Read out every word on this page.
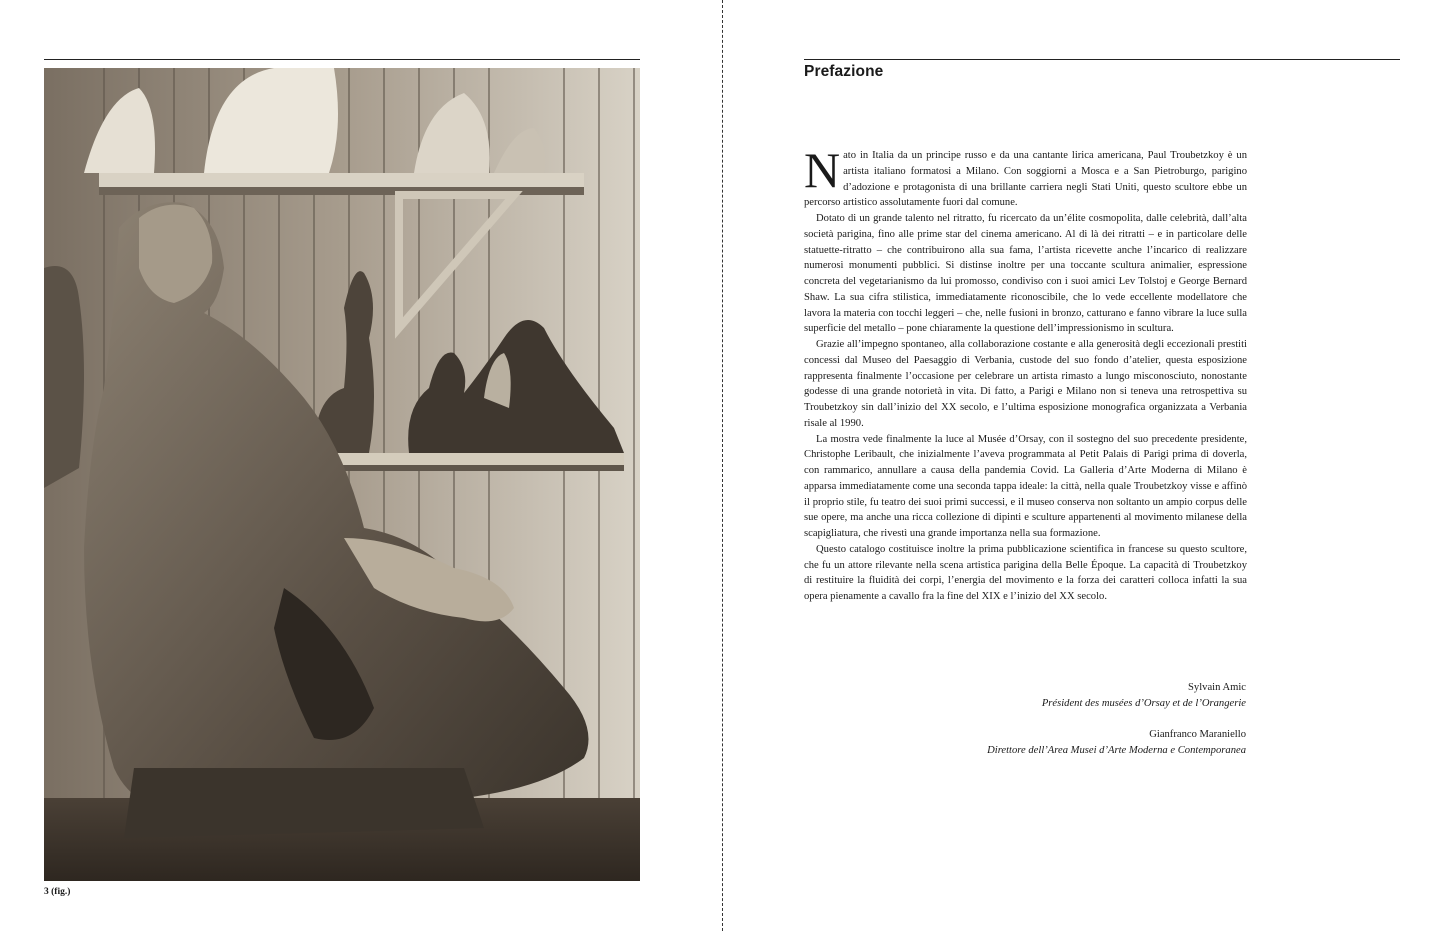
3 (fig.)
Prefazione

Nato in Italia da un principe russo e da una cantante lirica americana, Paul Troubetzkoy è un artista italiano formatosi a Milano. Con soggiorni a Mosca e a San Pietroburgo, parigino d’adozione e protagonista di una brillante carriera negli Stati Uniti, questo scultore ebbe un percorso artistico assolutamente fuori dal comune.

Dotato di un grande talento nel ritratto, fu ricercato da un’élite cosmopolita, dalle celebrità, dall’alta società parigina, fino alle prime star del cinema americano. Al di là dei ritratti – e in particolare delle statuette-ritratto – che contribuirono alla sua fama, l’artista ricevette anche l’incarico di realizzare numerosi monumenti pubblici. Si distinse inoltre per una toccante scultura animalier, espressione concreta del vegetarianismo da lui promosso, condiviso con i suoi amici Lev Tolstoj e George Bernard Shaw. La sua cifra stilistica, immediatamente riconoscibile, che lo vede eccellente modellatore che lavora la materia con tocchi leggeri – che, nelle fusioni in bronzo, catturano e fanno vibrare la luce sulla superficie del metallo – pone chiaramente la questione dell’impressionismo in scultura.

Grazie all’impegno spontaneo, alla collaborazione costante e alla generosità degli eccezionali prestiti concessi dal Museo del Paesaggio di Verbania, custode del suo fondo d’atelier, questa esposizione rappresenta finalmente l’occasione per celebrare un artista rimasto a lungo misconosciuto, nonostante godesse di una grande notorietà in vita. Di fatto, a Parigi e Milano non si teneva una retrospettiva su Troubetzkoy sin dall’inizio del XX secolo, e l’ultima esposizione monografica organizzata a Verbania risale al 1990.

La mostra vede finalmente la luce al Musée d’Orsay, con il sostegno del suo precedente presidente, Christophe Leribault, che inizialmente l’aveva programmata al Petit Palais di Parigi prima di doverla, con rammarico, annullare a causa della pandemia Covid. La Galleria d’Arte Moderna di Milano è apparsa immediatamente come una seconda tappa ideale: la città, nella quale Troubetzkoy visse e affinò il proprio stile, fu teatro dei suoi primi successi, e il museo conserva non soltanto un ampio corpus delle sue opere, ma anche una ricca collezione di dipinti e sculture appartenenti al movimento milanese della scapigliatura, che rivestì una grande importanza nella sua formazione.

Questo catalogo costituisce inoltre la prima pubblicazione scientifica in francese su questo scultore, che fu un attore rilevante nella scena artistica parigina della Belle Époque. La capacità di Troubetzkoy di restituire la fluidità dei corpi, l’energia del movimento e la forza dei caratteri colloca infatti la sua opera pienamente a cavallo fra la fine del XIX e l’inizio del XX secolo.

Sylvain Amic
Président des musées d’Orsay et de l’Orangerie
Gianfranco Maraniello
Direttore dell’Area Musei d’Arte Moderna e Contemporanea
